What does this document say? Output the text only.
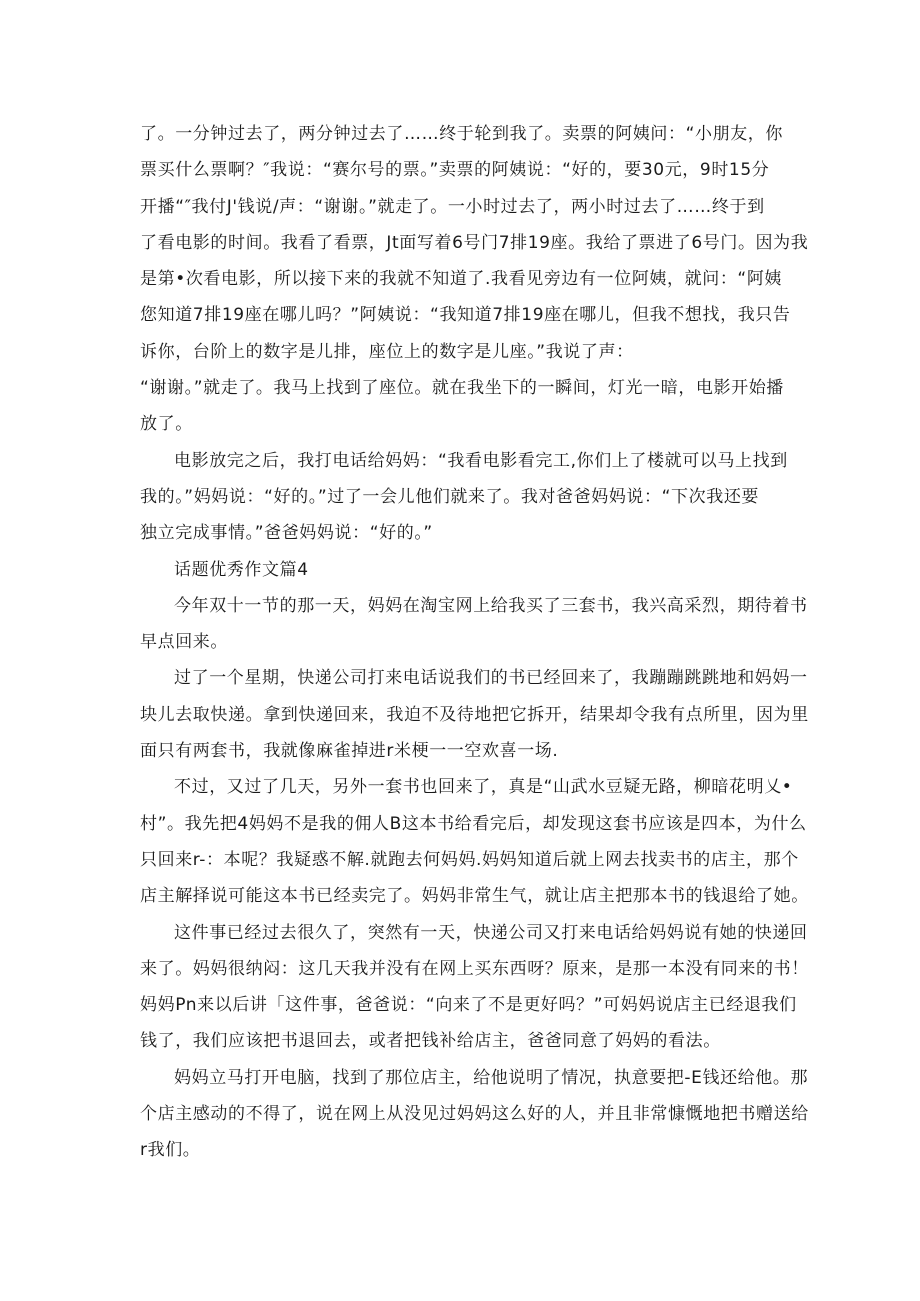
了。一分钟过去了，两分钟过去了……终于轮到我了。卖票的阿姨问：“小朋友，你
票买什么票啊？″我说：“赛尔号的票。”卖票的阿姨说：“好的，要30元，9时15分
开播“″我付J'钱说/声：“谢谢。”就走了。一小时过去了，两小时过去了……终于到
了看电影的时间。我看了看票，Jt面写着6号门7排19座。我给了票进了6号门。因为我
是第•次看电影，所以接下来的我就不知道了.我看见旁边有一位阿姨，就问：“阿姨
您知道7排19座在哪儿吗？”阿姨说：“我知道7排19座在哪儿，但我不想找，我只告
诉你，台阶上的数字是儿排，座位上的数字是儿座。”我说了声：
“谢谢。”就走了。我马上找到了座位。就在我坐下的一瞬间，灯光一暗，电影开始播
放了。
电影放完之后，我打电话给妈妈：“我看电影看完工,你们上了楼就可以马上找到
我的。”妈妈说：“好的。”过了一会儿他们就来了。我对爸爸妈妈说：“下次我还要
独立完成事情。”爸爸妈妈说：“好的。”
话题优秀作文篇4
今年双十一节的那一天，妈妈在淘宝网上给我买了三套书，我兴高采烈，期待着书
早点回来。
过了一个星期，快递公司打来电话说我们的书已经回来了，我蹦蹦跳跳地和妈妈一
块儿去取快递。拿到快递回来，我迫不及待地把它拆开，结果却令我有点所里，因为里
面只有两套书，我就像麻雀掉进r米梗一一空欢喜一场.
不过，又过了几天，另外一套书也回来了，真是“山武水豆疑无路，柳暗花明乂•
村”。我先把4妈妈不是我的佣人B这本书给看完后，却发现这套书应该是四本，为什么
只回来r-：本呢？我疑惑不解.就跑去何妈妈.妈妈知道后就上网去找卖书的店主，那个
店主解择说可能这本书已经卖完了。妈妈非常生气，就让店主把那本书的钱退给了她。
这件事已经过去很久了，突然有一天，快递公司又打来电话给妈妈说有她的快递回
来了。妈妈很纳闷：这几天我并没有在网上买东西呀？原来，是那一本没有同来的书！
妈妈Pn来以后讲「这件事，爸爸说：“向来了不是更好吗？”可妈妈说店主已经退我们
钱了，我们应该把书退回去，或者把钱补给店主，爸爸同意了妈妈的看法。
妈妈立马打开电脑，找到了那位店主，给他说明了情况，执意要把-E钱还给他。那
个店主感动的不得了，说在网上从没见过妈妈这么好的人，并且非常慷慨地把书赠送给
r我们。
